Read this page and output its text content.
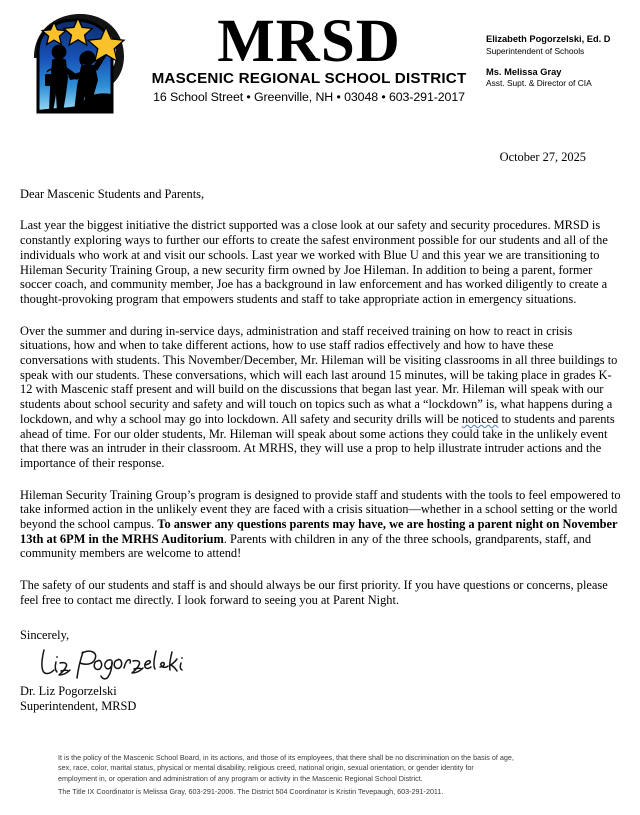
MRSD
MASCENIC REGIONAL SCHOOL DISTRICT
16 School Street • Greenville, NH • 03048 • 603-291-2017
Elizabeth Pogorzelski, Ed. D
Superintendent of Schools
Ms. Melissa Gray
Asst. Supt. & Director of CIA
October 27, 2025
Dear Mascenic Students and Parents,

Last year the biggest initiative the district supported was a close look at our safety and security procedures. MRSD is constantly exploring ways to further our efforts to create the safest environment possible for our students and all of the individuals who work at and visit our schools. Last year we worked with Blue U and this year we are transitioning to Hileman Security Training Group, a new security firm owned by Joe Hileman. In addition to being a parent, former soccer coach, and community member, Joe has a background in law enforcement and has worked diligently to create a thought-provoking program that empowers students and staff to take appropriate action in emergency situations.

Over the summer and during in-service days, administration and staff received training on how to react in crisis situations, how and when to take different actions, how to use staff radios effectively and how to have these conversations with students. This November/December, Mr. Hileman will be visiting classrooms in all three buildings to speak with our students. These conversations, which will each last around 15 minutes, will be taking place in grades K-12 with Mascenic staff present and will build on the discussions that began last year. Mr. Hileman will speak with our students about school security and safety and will touch on topics such as what a “lockdown” is, what happens during a lockdown, and why a school may go into lockdown. All safety and security drills will be noticed to students and parents ahead of time. For our older students, Mr. Hileman will speak about some actions they could take in the unlikely event that there was an intruder in their classroom. At MRHS, they will use a prop to help illustrate intruder actions and the importance of their response.

Hileman Security Training Group’s program is designed to provide staff and students with the tools to feel empowered to take informed action in the unlikely event they are faced with a crisis situation—whether in a school setting or the world beyond the school campus. To answer any questions parents may have, we are hosting a parent night on November 13th at 6PM in the MRHS Auditorium. Parents with children in any of the three schools, grandparents, staff, and community members are welcome to attend!

The safety of our students and staff is and should always be our first priority. If you have questions or concerns, please feel free to contact me directly. I look forward to seeing you at Parent Night.

Sincerely,
Dr. Liz Pogorzelski
Superintendent, MRSD
It is the policy of the Mascenic School Board, in its actions, and those of its employees, that there shall be no discrimination on the basis of age,
sex, race, color, marital status, physical or mental disability, religious creed, national origin, sexual orientation, or gender identity for
employment in, or operation and administration of any program or activity in the Mascenic Regional School District.
The Title IX Coordinator is Melissa Gray, 603-291-2006. The District 504 Coordinator is Kristin Tevepaugh, 603-291-2011.
